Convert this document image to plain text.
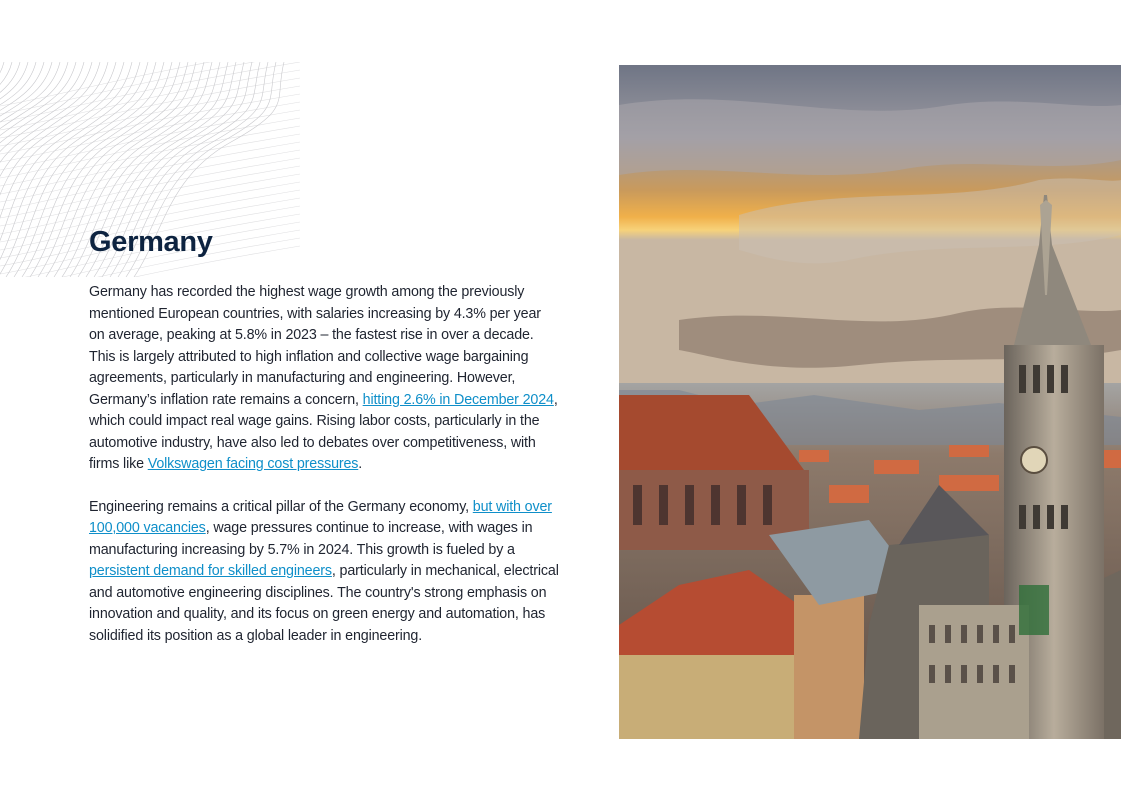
Germany

Germany has recorded the highest wage growth among the previously mentioned European countries, with salaries increasing by 4.3% per year on average, peaking at 5.8% in 2023 – the fastest rise in over a decade. This is largely attributed to high inflation and collective wage bargaining agreements, particularly in manufacturing and engineering. However, Germany’s inflation rate remains a concern, hitting 2.6% in December 2024, which could impact real wage gains. Rising labor costs, particularly in the automotive industry, have also led to debates over competitiveness, with firms like Volkswagen facing cost pressures.

Engineering remains a critical pillar of the Germany economy, but with over 100,000 vacancies, wage pressures continue to increase, with wages in manufacturing increasing by 5.7% in 2024. This growth is fueled by a persistent demand for skilled engineers, particularly in mechanical, electrical and automotive engineering disciplines. The country's strong emphasis on innovation and quality, and its focus on green energy and automation, has solidified its position as a global leader in engineering.
